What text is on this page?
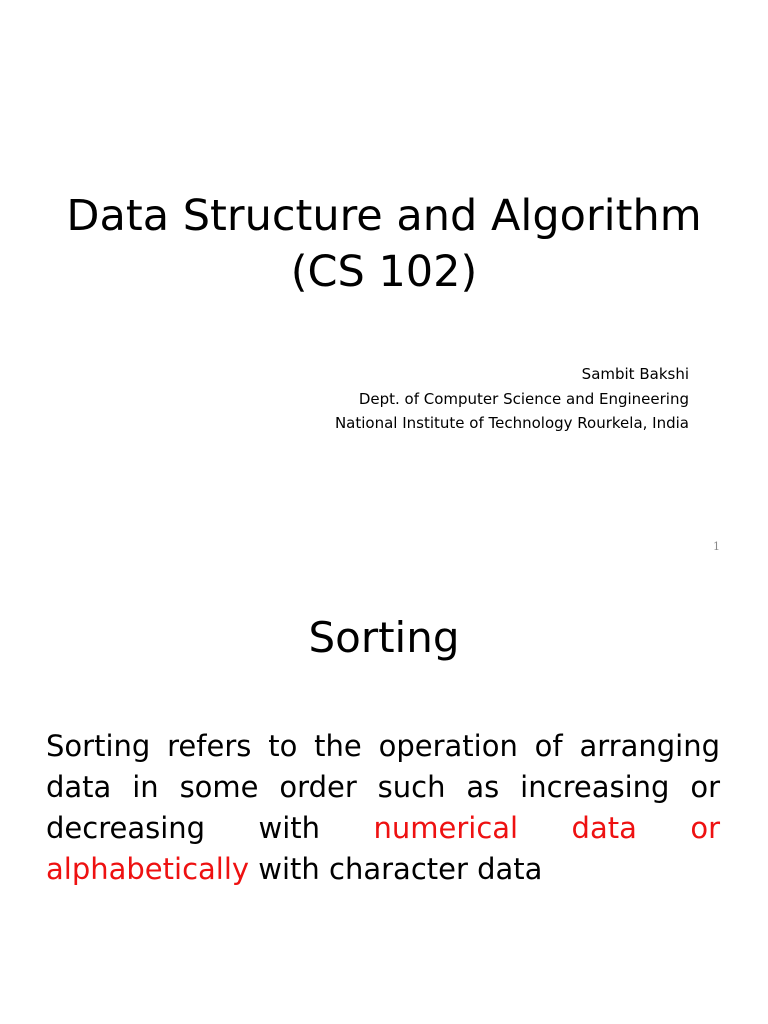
Data Structure and Algorithm
(CS 102)
Sambit Bakshi
Dept. of Computer Science and Engineering
National Institute of Technology Rourkela, India
1
Sorting

Sorting refers to the operation of arranging data in some order such as increasing or decreasing with numerical data or alphabetically with character data
